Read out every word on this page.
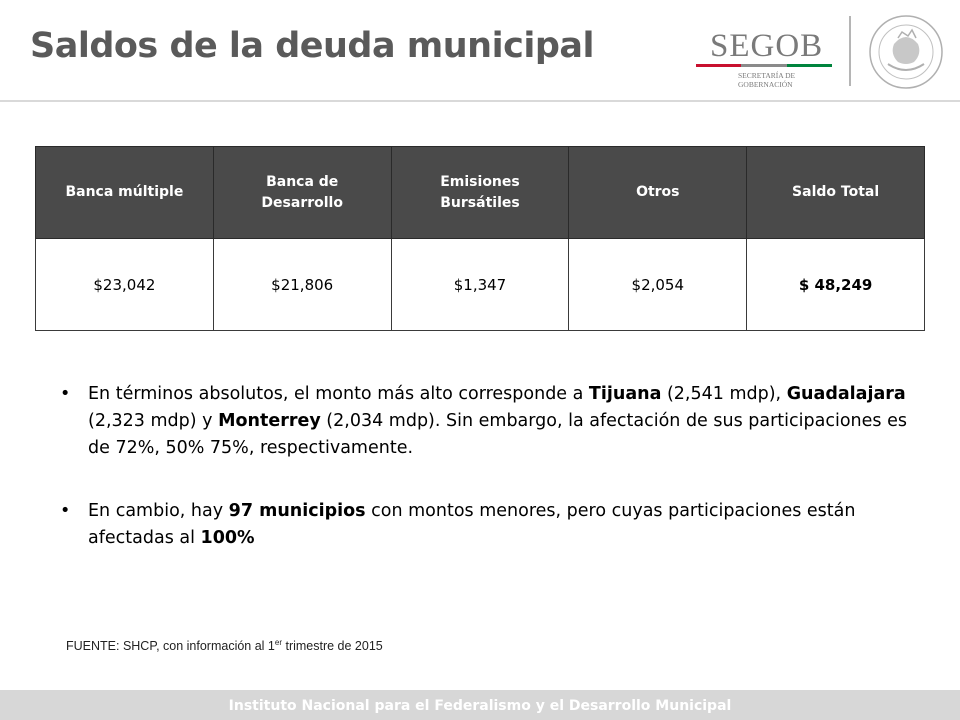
Saldos de la deuda municipal	SEGOB
SECRETARÍA DE
GOBERNACIÓN
Banca múltiple	Banca de Desarrollo	Emisiones Bursátiles	Otros	Saldo Total
$23,042	$21,806	$1,347	$2,054	$ 48,249
• En términos absolutos, el monto más alto corresponde a Tijuana (2,541 mdp), Guadalajara (2,323 mdp) y Monterrey (2,034 mdp). Sin embargo, la afectación de sus participaciones es de 72%, 50% 75%, respectivamente.
• En cambio, hay 97 municipios con montos menores, pero cuyas participaciones están afectadas al 100%
FUENTE: SHCP, con información al 1er trimestre de 2015
Instituto Nacional para el Federalismo y el Desarrollo Municipal
